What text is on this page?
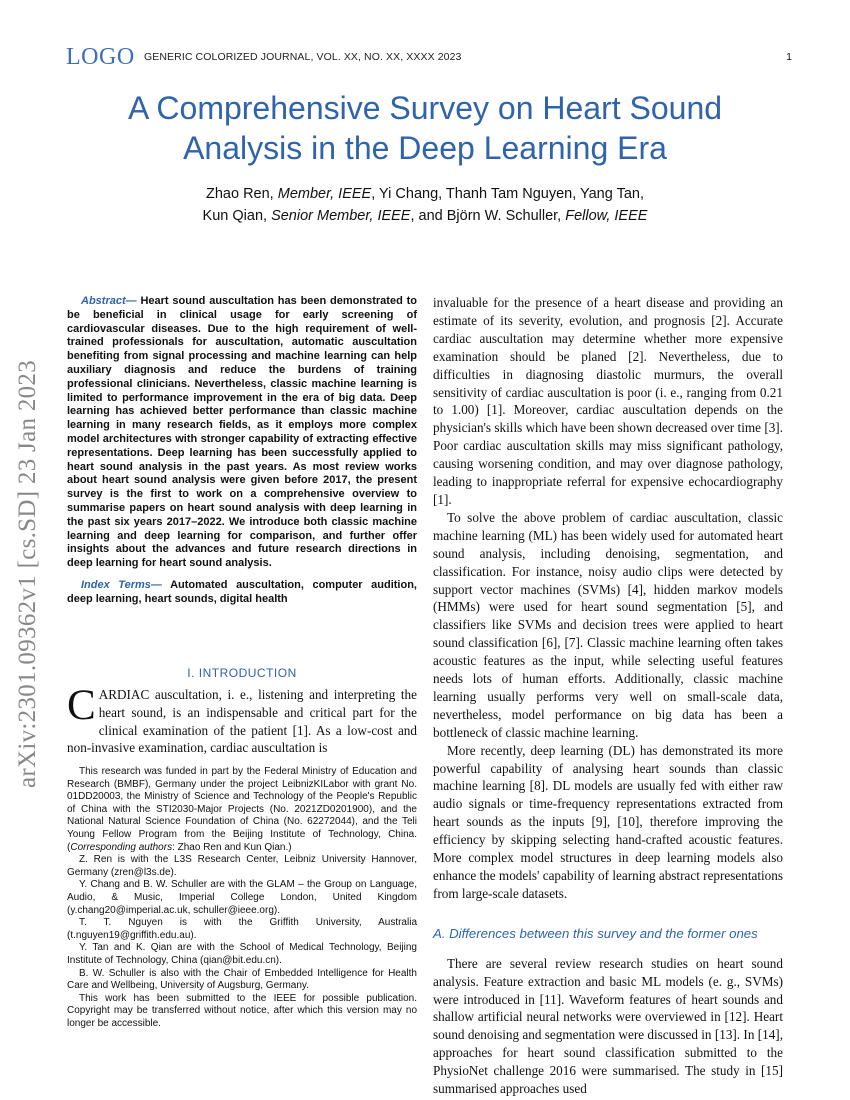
LOGO GENERIC COLORIZED JOURNAL, VOL. XX, NO. XX, XXXX 2023	1
A Comprehensive Survey on Heart Sound
Analysis in the Deep Learning Era
Zhao Ren, Member, IEEE, Yi Chang, Thanh Tam Nguyen, Yang Tan,
Kun Qian, Senior Member, IEEE, and Björn W. Schuller, Fellow, IEEE
arXiv:2301.09362v1 [cs.SD] 23 Jan 2023

Abstract— Heart sound auscultation has been demonstrated to be beneficial in clinical usage for early screening of cardiovascular diseases. Due to the high requirement of well-trained professionals for auscultation, automatic auscultation benefiting from signal processing and machine learning can help auxiliary diagnosis and reduce the burdens of training professional clinicians. Nevertheless, classic machine learning is limited to performance improvement in the era of big data. Deep learning has achieved better performance than classic machine learning in many research fields, as it employs more complex model architectures with stronger capability of extracting effective representations. Deep learning has been successfully applied to heart sound analysis in the past years. As most review works about heart sound analysis were given before 2017, the present survey is the first to work on a comprehensive overview to summarise papers on heart sound analysis with deep learning in the past six years 2017–2022. We introduce both classic machine learning and deep learning for comparison, and further offer insights about the advances and future research directions in deep learning for heart sound analysis.

Index Terms— Automated auscultation, computer audition, deep learning, heart sounds, digital health

I. INTRODUCTION

CARDIAC auscultation, i. e., listening and interpreting the heart sound, is an indispensable and critical part for the clinical examination of the patient [1]. As a low-cost and non-invasive examination, cardiac auscultation is

This research was funded in part by the Federal Ministry of Education and Research (BMBF), Germany under the project LeibnizKILabor with grant No. 01DD20003, the Ministry of Science and Technology of the People's Republic of China with the STI2030-Major Projects (No. 2021ZD0201900), and the National Natural Science Foundation of China (No. 62272044), and the Teli Young Fellow Program from the Beijing Institute of Technology, China. (Corresponding authors: Zhao Ren and Kun Qian.)

Z. Ren is with the L3S Research Center, Leibniz University Hannover, Germany (zren@l3s.de).

Y. Chang and B. W. Schuller are with the GLAM – the Group on Language, Audio, & Music, Imperial College London, United Kingdom (y.chang20@imperial.ac.uk, schuller@ieee.org).

T. T. Nguyen is with the Griffith University, Australia (t.nguyen19@griffith.edu.au).

Y. Tan and K. Qian are with the School of Medical Technology, Beijing Institute of Technology, China (qian@bit.edu.cn).

B. W. Schuller is also with the Chair of Embedded Intelligence for Health Care and Wellbeing, University of Augsburg, Germany.

This work has been submitted to the IEEE for possible publication. Copyright may be transferred without notice, after which this version may no longer be accessible.

invaluable for the presence of a heart disease and providing an estimate of its severity, evolution, and prognosis [2]. Accurate cardiac auscultation may determine whether more expensive examination should be planed [2]. Nevertheless, due to difficulties in diagnosing diastolic murmurs, the overall sensitivity of cardiac auscultation is poor (i. e., ranging from 0.21 to 1.00) [1]. Moreover, cardiac auscultation depends on the physician's skills which have been shown decreased over time [3]. Poor cardiac auscultation skills may miss significant pathology, causing worsening condition, and may over diagnose pathology, leading to inappropriate referral for expensive echocardiography [1].

To solve the above problem of cardiac auscultation, classic machine learning (ML) has been widely used for automated heart sound analysis, including denoising, segmentation, and classification. For instance, noisy audio clips were detected by support vector machines (SVMs) [4], hidden markov models (HMMs) were used for heart sound segmentation [5], and classifiers like SVMs and decision trees were applied to heart sound classification [6], [7]. Classic machine learning often takes acoustic features as the input, while selecting useful features needs lots of human efforts. Additionally, classic machine learning usually performs very well on small-scale data, nevertheless, model performance on big data has been a bottleneck of classic machine learning.

More recently, deep learning (DL) has demonstrated its more powerful capability of analysing heart sounds than classic machine learning [8]. DL models are usually fed with either raw audio signals or time-frequency representations extracted from heart sounds as the inputs [9], [10], therefore improving the efficiency by skipping selecting hand-crafted acoustic features. More complex model structures in deep learning models also enhance the models' capability of learning abstract representations from large-scale datasets.

A. Differences between this survey and the former ones

There are several review research studies on heart sound analysis. Feature extraction and basic ML models (e. g., SVMs) were introduced in [11]. Waveform features of heart sounds and shallow artificial neural networks were overviewed in [12]. Heart sound denoising and segmentation were discussed in [13]. In [14], approaches for heart sound classification submitted to the PhysioNet challenge 2016 were summarised. The study in [15] summarised approaches used
